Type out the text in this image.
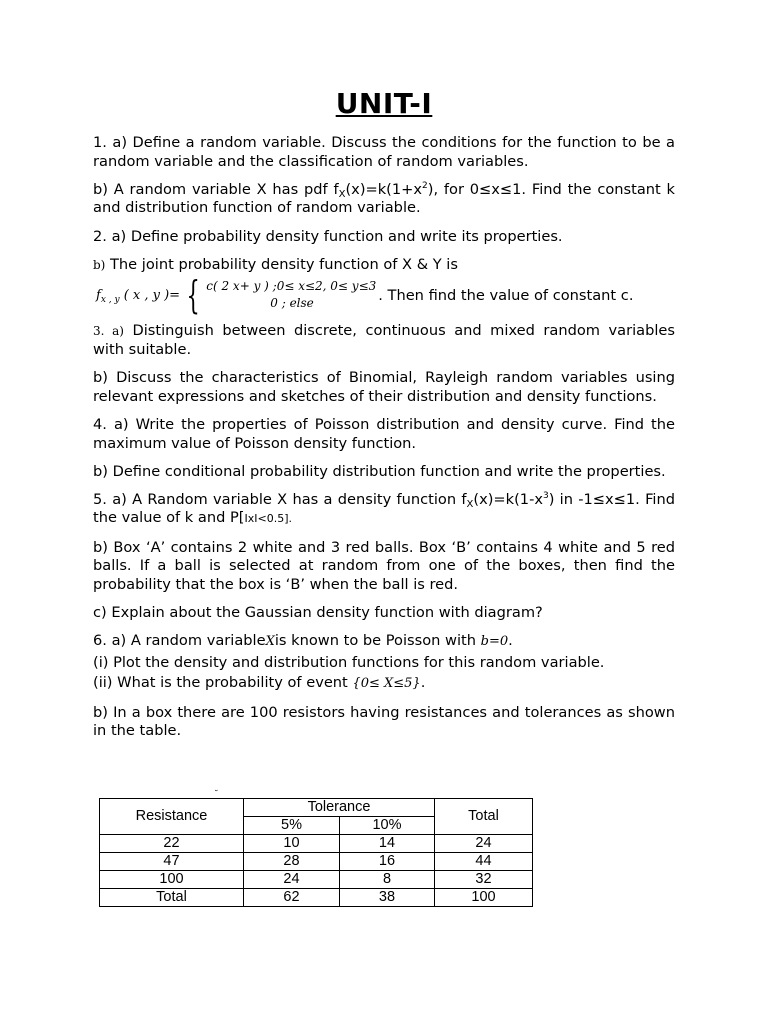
UNIT-I

1. a) Define a random variable. Discuss the conditions for the function to be a random variable and the classification of random variables.

b) A random variable X has pdf $f_X(x)=k(1+x^2)$, for 0≤x≤1. Find the constant k and distribution function of random variable.

2. a) Define probability density function and write its properties.

b) The joint probability density function of X & Y is

$f_{x , y}$ ( x , y )= { c( 2 x+ y ) ;0≤ x≤2, 0≤ y≤3
0 ; else	. Then find the value of constant c.

3. a) Distinguish between discrete, continuous and mixed random variables with suitable.

b) Discuss the characteristics of Binomial, Rayleigh random variables using relevant expressions and sketches of their distribution and density functions.

4. a) Write the properties of Poisson distribution and density curve. Find the maximum value of Poisson density function.

b) Define conditional probability distribution function and write the properties.

5. a) A Random variable X has a density function $f_X(x)=k(1-x^3)$ in -1≤x≤1. Find the value of k and P[IxI<0.5].

b) Box ‘A’ contains 2 white and 3 red balls. Box ‘B’ contains 4 white and 5 red balls. If a ball is selected at random from one of the boxes, then find the probability that the box is ‘B’ when the ball is red.

c) Explain about the Gaussian density function with diagram?

6. a) A random variableXis known to be Poisson with b=0.

(i) Plot the density and distribution functions for this random variable.

(ii) What is the probability of event {0≤ X≤5}.

b) In a box there are 100 resistors having resistances and tolerances as shown in the table.

˘
Resistance	Tolerance		Total
	5%	10%	
22	10	14	24
47	28	16	44
100	24	8	32
Total	62	38	100
